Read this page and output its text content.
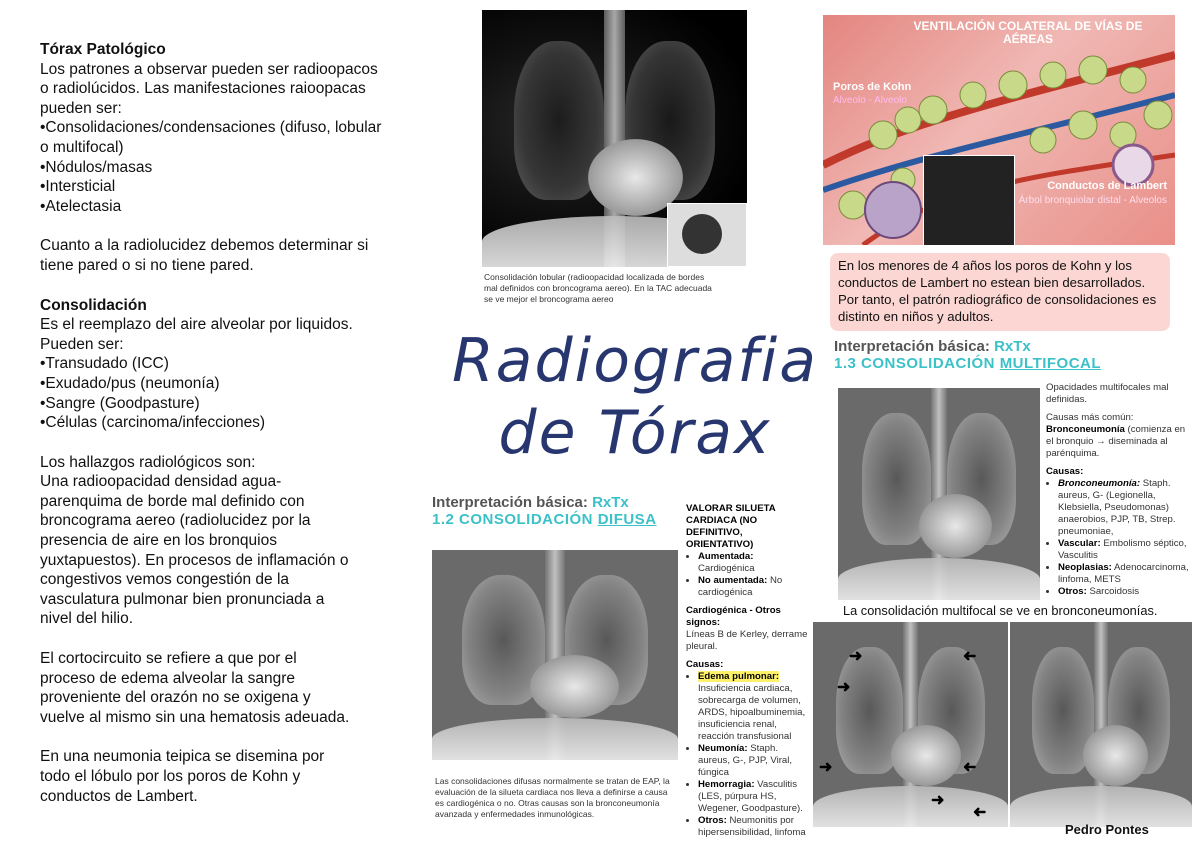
Tórax Patológico

Los patrones a observar pueden ser radioopacos

o radiolúcidos. Las manifestaciones raioopacas

pueden ser:

•Consolidaciones/condensaciones (difuso, lobular

o multifocal)

•Nódulos/masas

•Intersticial

•Atelectasia

Cuanto a la radiolucidez debemos determinar si

tiene pared o si no tiene pared.

Consolidación

Es el reemplazo del aire alveolar por liquidos.

Pueden ser:

•Transudado (ICC)

•Exudado/pus (neumonía)

•Sangre (Goodpasture)

•Células (carcinoma/infecciones)

Los hallazgos radiológicos son:

Una radioopacidad densidad agua-

parenquima de borde mal definido con

broncograma aereo (radiolucidez por la

presencia de aire en los bronquios

yuxtapuestos). En procesos de inflamación o

congestivos vemos congestión de la

vasculatura pulmonar bien pronunciada a

nivel del hilio.

El cortocircuito se refiere a que por el

proceso de edema alveolar la sangre

proveniente del orazón no se oxigena y

vuelve al mismo sin una hematosis adeuada.

En una neumonia teipica se disemina por

todo el lóbulo por los poros de Kohn y

conductos de Lambert.

Consolidación lobular (radioopacidad localizada de bordes
mal definidos con broncograma aereo). En la TAC adecuada
se ve mejor el broncograma aereo
Radiografia
de Tórax
VENTILACIÓN COLATERAL DE VÍAS DE AÉREAS
Poros de Kohn
Alveolo - Alveolo
Conductos de Lambert
Árbol bronquiolar distal - Alveolos
En los menores de 4 años los poros de Kohn y los conductos de Lambert no estean bien desarrollados. Por tanto, el patrón radiográfico de consolidaciones es distinto en niños y adultos.
Interpretación básica: RxTx
1.3 CONSOLIDACIÓN MULTIFOCAL
Opacidades multifocales mal definidas.
Causas más común:
Bronconeumonía (comienza en el bronquio → diseminada al parénquima.
Causas:
• Bronconeumonía: Staph. aureus, G- (Legionella, Klebsiella, Pseudomonas) anaerobios, PJP, TB, Strep. pneumoniae,
• Vascular: Embolismo séptico, Vasculitis
• Neoplasias: Adenocarcinoma, linfoma, METS
• Otros: Sarcoidosis
La consolidación multifocal se ve en bronconeumonías.
➜
➜
➜
➜
➜
➜
➜
Pedro Pontes
Interpretación básica: RxTx
1.2 CONSOLIDACIÓN DIFUSA
VALORAR SILUETA CARDIACA (NO DEFINITIVO, ORIENTATIVO)
• Aumentada: Cardiogénica
• No aumentada: No cardiogénica
Cardiogénica - Otros signos:
Líneas B de Kerley, derrame pleural.
Causas:
• Edema pulmonar:
Insuficiencia cardiaca, sobrecarga de volumen, ARDS, hipoalbuminemia, insuficiencia renal, reacción transfusional
• Neumonía: Staph. aureus, G-, PJP, Viral, fúngica
• Hemorragia: Vasculitis (LES, púrpura HS, Wegener, Goodpasture).
• Otros: Neumonitis por hipersensibilidad, linfoma
Las consolidaciones difusas normalmente se tratan de EAP, la
evaluación de la silueta cardiaca nos lleva a definirse a causa
es cardiogénica o no. Otras causas son la bronconeumonía
avanzada y enfermedades inmunológicas.
